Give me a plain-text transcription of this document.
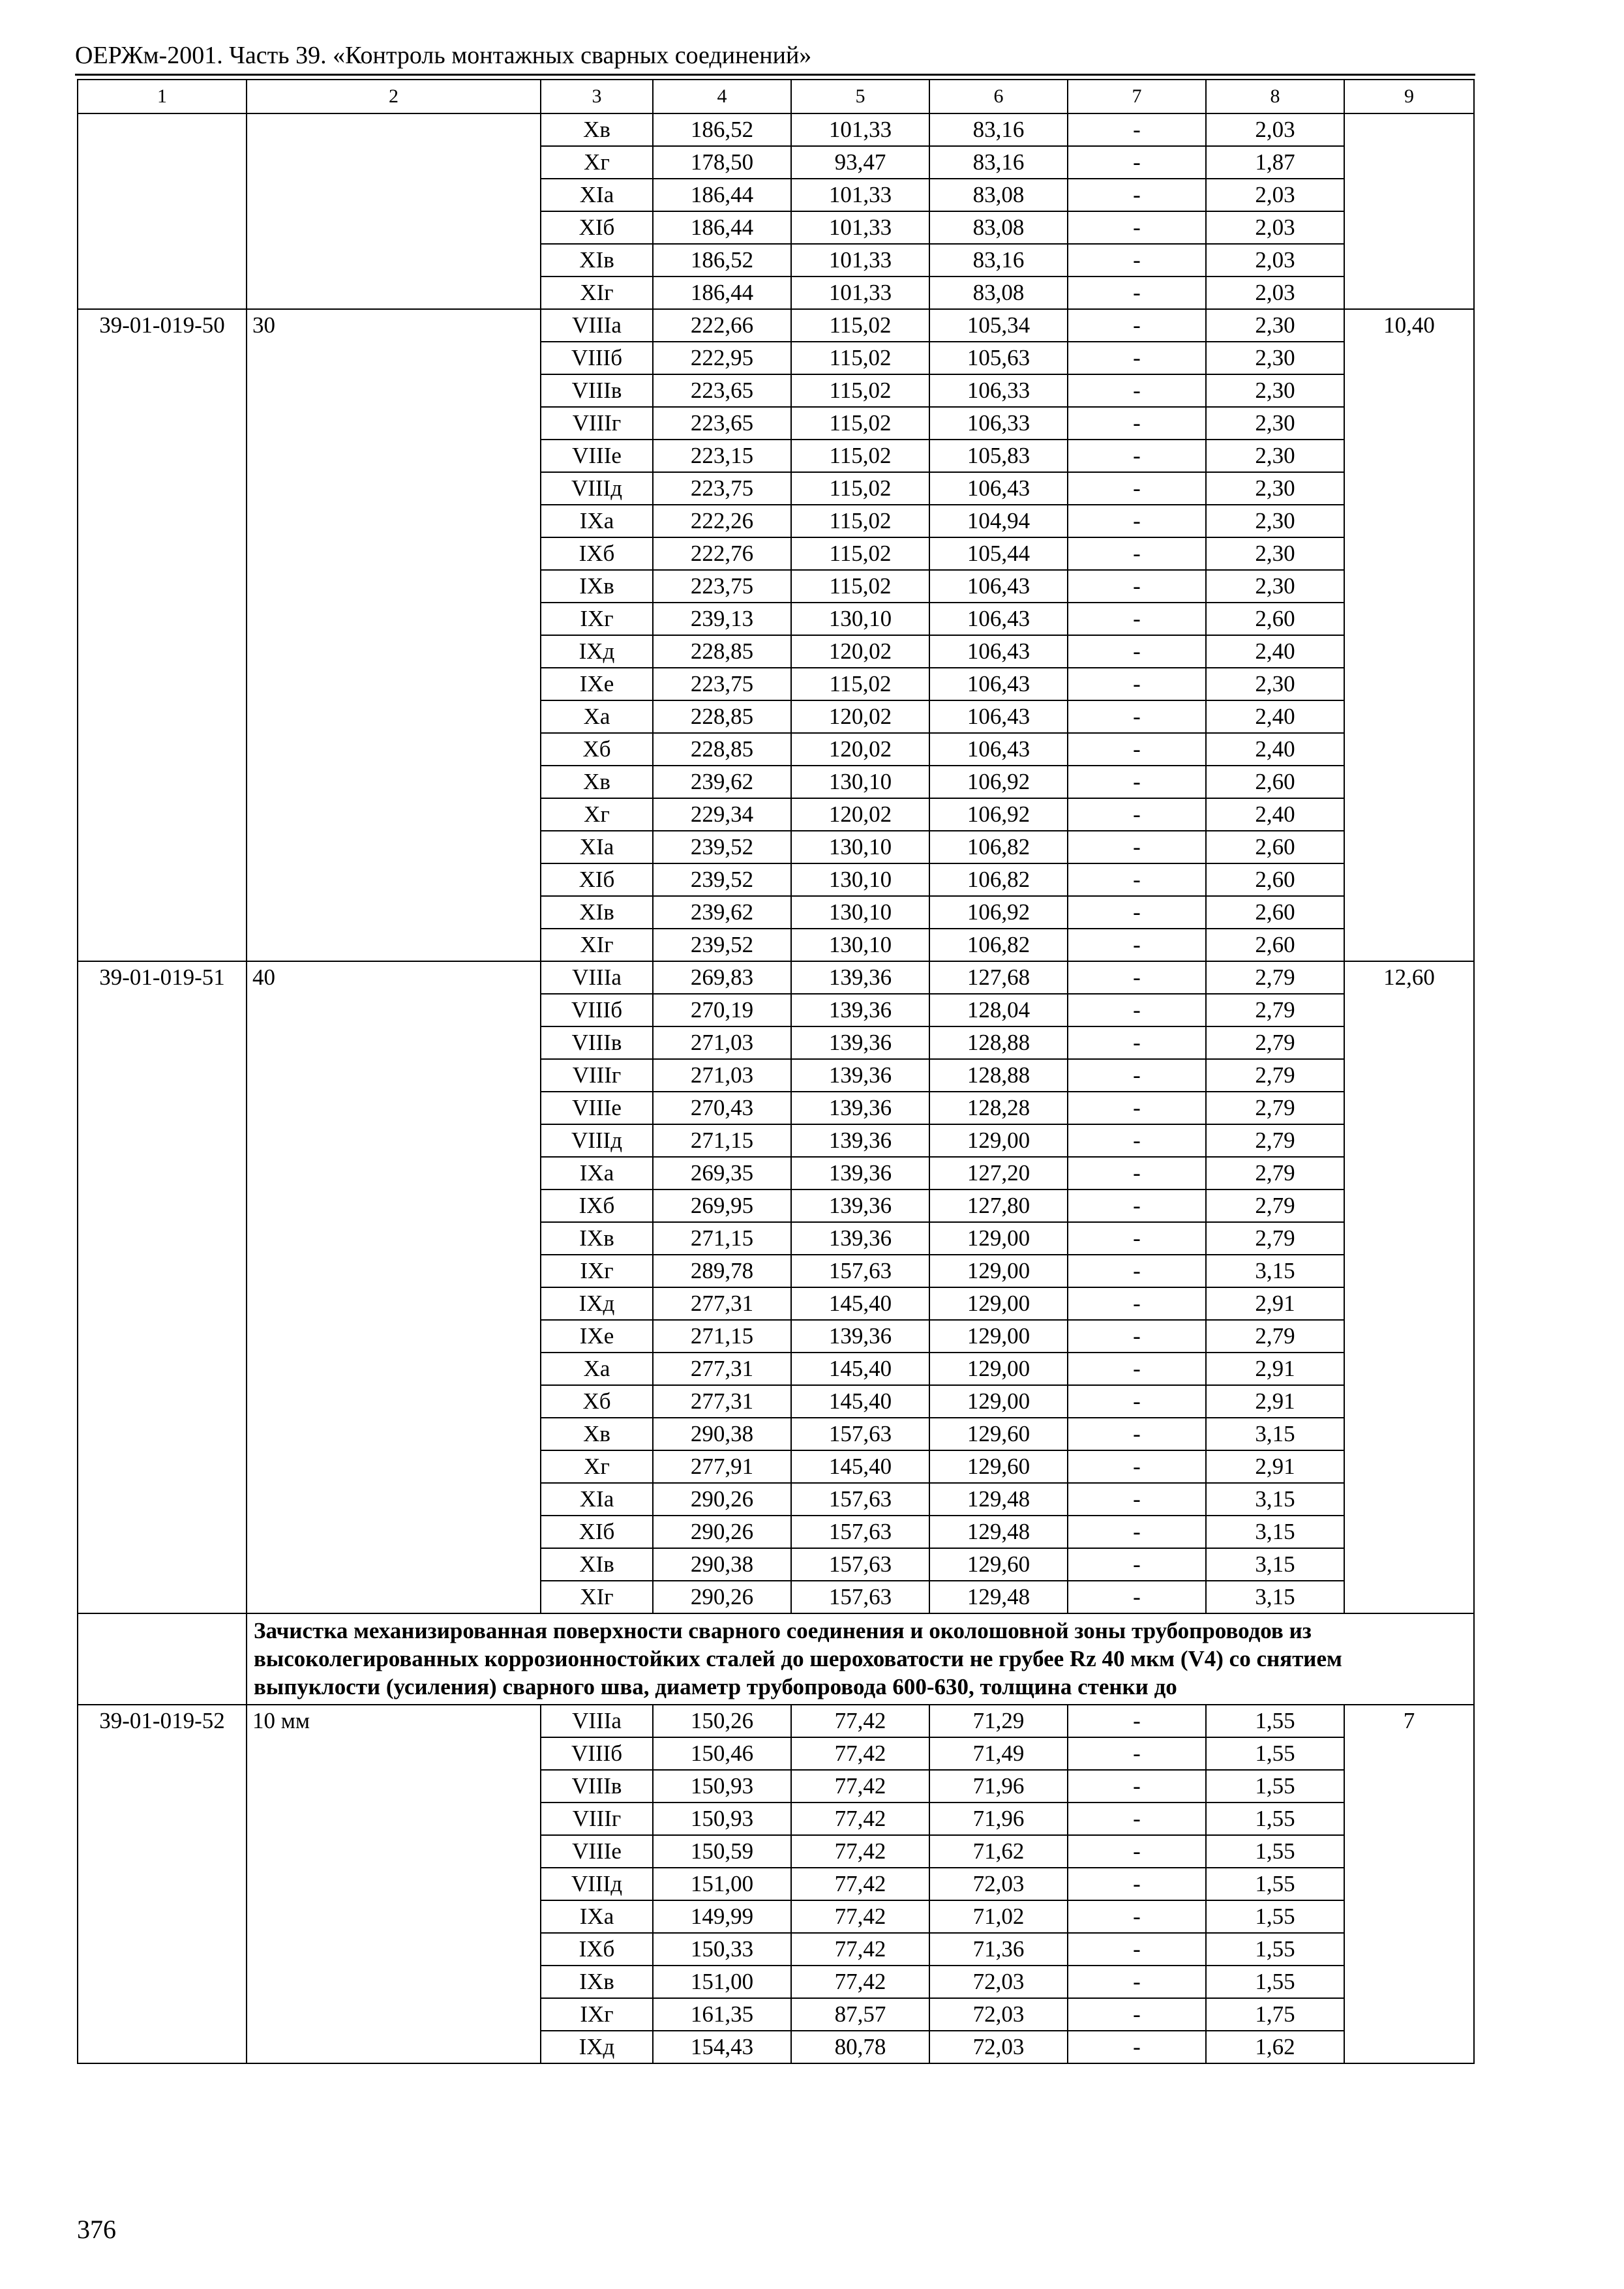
ОЕРЖм-2001. Часть 39. «Контроль монтажных сварных соединений»
1	2	3	4	5	6	7	8	9
		Хв	186,52	101,33	83,16	-	2,03	
		Хг	178,50	93,47	83,16	-	1,87	
		ХIа	186,44	101,33	83,08	-	2,03	
		ХIб	186,44	101,33	83,08	-	2,03	
		ХIв	186,52	101,33	83,16	-	2,03	
		ХIг	186,44	101,33	83,08	-	2,03	
39-01-019-50	30	VIIIа	222,66	115,02	105,34	-	2,30	10,40
		VIIIб	222,95	115,02	105,63	-	2,30	
		VIIIв	223,65	115,02	106,33	-	2,30	
		VIIIг	223,65	115,02	106,33	-	2,30	
		VIIIе	223,15	115,02	105,83	-	2,30	
		VIIIд	223,75	115,02	106,43	-	2,30	
		IХа	222,26	115,02	104,94	-	2,30	
		IХб	222,76	115,02	105,44	-	2,30	
		IХв	223,75	115,02	106,43	-	2,30	
		IХг	239,13	130,10	106,43	-	2,60	
		IХд	228,85	120,02	106,43	-	2,40	
		IХе	223,75	115,02	106,43	-	2,30	
		Ха	228,85	120,02	106,43	-	2,40	
		Хб	228,85	120,02	106,43	-	2,40	
		Хв	239,62	130,10	106,92	-	2,60	
		Хг	229,34	120,02	106,92	-	2,40	
		ХIа	239,52	130,10	106,82	-	2,60	
		ХIб	239,52	130,10	106,82	-	2,60	
		ХIв	239,62	130,10	106,92	-	2,60	
		ХIг	239,52	130,10	106,82	-	2,60	
39-01-019-51	40	VIIIа	269,83	139,36	127,68	-	2,79	12,60
		VIIIб	270,19	139,36	128,04	-	2,79	
		VIIIв	271,03	139,36	128,88	-	2,79	
		VIIIг	271,03	139,36	128,88	-	2,79	
		VIIIе	270,43	139,36	128,28	-	2,79	
		VIIIд	271,15	139,36	129,00	-	2,79	
		IХа	269,35	139,36	127,20	-	2,79	
		IХб	269,95	139,36	127,80	-	2,79	
		IХв	271,15	139,36	129,00	-	2,79	
		IХг	289,78	157,63	129,00	-	3,15	
		IХд	277,31	145,40	129,00	-	2,91	
		IХе	271,15	139,36	129,00	-	2,79	
		Ха	277,31	145,40	129,00	-	2,91	
		Хб	277,31	145,40	129,00	-	2,91	
		Хв	290,38	157,63	129,60	-	3,15	
		Хг	277,91	145,40	129,60	-	2,91	
		ХIа	290,26	157,63	129,48	-	3,15	
		ХIб	290,26	157,63	129,48	-	3,15	
		ХIв	290,38	157,63	129,60	-	3,15	
		ХIг	290,26	157,63	129,48	-	3,15	
	Зачистка механизированная поверхности сварного соединения и околошовной зоны трубопроводов из высоколегированных коррозионностойких сталей до шероховатости не грубее Rz 40 мкм (V4) со снятием выпуклости (усиления) сварного шва, диаметр трубопровода 600-630, толщина стенки до							
39-01-019-52	10 мм	VIIIа	150,26	77,42	71,29	-	1,55	7
		VIIIб	150,46	77,42	71,49	-	1,55	
		VIIIв	150,93	77,42	71,96	-	1,55	
		VIIIг	150,93	77,42	71,96	-	1,55	
		VIIIе	150,59	77,42	71,62	-	1,55	
		VIIIд	151,00	77,42	72,03	-	1,55	
		IХа	149,99	77,42	71,02	-	1,55	
		IХб	150,33	77,42	71,36	-	1,55	
		IХв	151,00	77,42	72,03	-	1,55	
		IХг	161,35	87,57	72,03	-	1,75	
		IХд	154,43	80,78	72,03	-	1,62	
376
